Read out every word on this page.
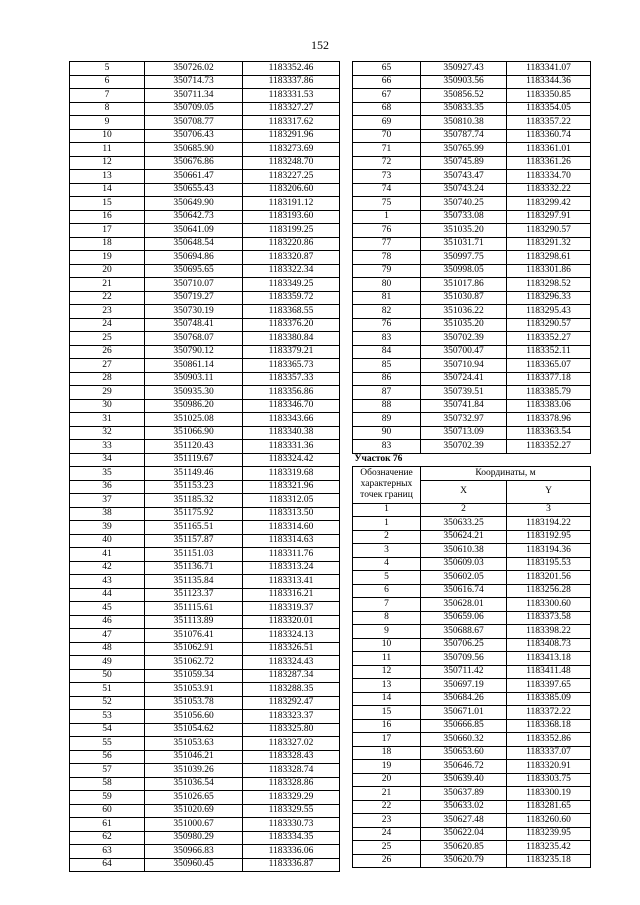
152
5	350726.02	1183352.46
6	350714.73	1183337.86
7	350711.34	1183331.53
8	350709.05	1183327.27
9	350708.77	1183317.62
10	350706.43	1183291.96
11	350685.90	1183273.69
12	350676.86	1183248.70
13	350661.47	1183227.25
14	350655.43	1183206.60
15	350649.90	1183191.12
16	350642.73	1183193.60
17	350641.09	1183199.25
18	350648.54	1183220.86
19	350694.86	1183320.87
20	350695.65	1183322.34
21	350710.07	1183349.25
22	350719.27	1183359.72
23	350730.19	1183368.55
24	350748.41	1183376.20
25	350768.07	1183380.84
26	350790.12	1183379.21
27	350861.14	1183365.73
28	350903.11	1183357.33
29	350935.30	1183356.86
30	350986.20	1183346.70
31	351025.08	1183343.66
32	351066.90	1183340.38
33	351120.43	1183331.36
34	351119.67	1183324.42
35	351149.46	1183319.68
36	351153.23	1183321.96
37	351185.32	1183312.05
38	351175.92	1183313.50
39	351165.51	1183314.60
40	351157.87	1183314.63
41	351151.03	1183311.76
42	351136.71	1183313.24
43	351135.84	1183313.41
44	351123.37	1183316.21
45	351115.61	1183319.37
46	351113.89	1183320.01
47	351076.41	1183324.13
48	351062.91	1183326.51
49	351062.72	1183324.43
50	351059.34	1183287.34
51	351053.91	1183288.35
52	351053.78	1183292.47
53	351056.60	1183323.37
54	351054.62	1183325.80
55	351053.63	1183327.02
56	351046.21	1183328.43
57	351039.26	1183328.74
58	351036.54	1183328.86
59	351026.65	1183329.29
60	351020.69	1183329.55
61	351000.67	1183330.73
62	350980.29	1183334.35
63	350966.83	1183336.06
64	350960.45	1183336.87
65	350927.43	1183341.07
66	350903.56	1183344.36
67	350856.52	1183350.85
68	350833.35	1183354.05
69	350810.38	1183357.22
70	350787.74	1183360.74
71	350765.99	1183361.01
72	350745.89	1183361.26
73	350743.47	1183334.70
74	350743.24	1183332.22
75	350740.25	1183299.42
1	350733.08	1183297.91
76	351035.20	1183290.57
77	351031.71	1183291.32
78	350997.75	1183298.61
79	350998.05	1183301.86
80	351017.86	1183298.52
81	351030.87	1183296.33
82	351036.22	1183295.43
76	351035.20	1183290.57
83	350702.39	1183352.27
84	350700.47	1183352.11
85	350710.94	1183365.07
86	350724.41	1183377.18
87	350739.51	1183385.79
88	350741.84	1183383.06
89	350732.97	1183378.96
90	350713.09	1183363.54
83	350702.39	1183352.27
Участок 76		
Обозначение характерных точек границ	Координаты, м	
	X	Y
1	2	3
1	350633.25	1183194.22
2	350624.21	1183192.95
3	350610.38	1183194.36
4	350609.03	1183195.53
5	350602.05	1183201.56
6	350616.74	1183256.28
7	350628.01	1183300.60
8	350659.06	1183373.58
9	350688.67	1183398.22
10	350706.25	1183408.73
11	350709.56	1183413.18
12	350711.42	1183411.48
13	350697.19	1183397.65
14	350684.26	1183385.09
15	350671.01	1183372.22
16	350666.85	1183368.18
17	350660.32	1183352.86
18	350653.60	1183337.07
19	350646.72	1183320.91
20	350639.40	1183303.75
21	350637.89	1183300.19
22	350633.02	1183281.65
23	350627.48	1183260.60
24	350622.04	1183239.95
25	350620.85	1183235.42
26	350620.79	1183235.18
